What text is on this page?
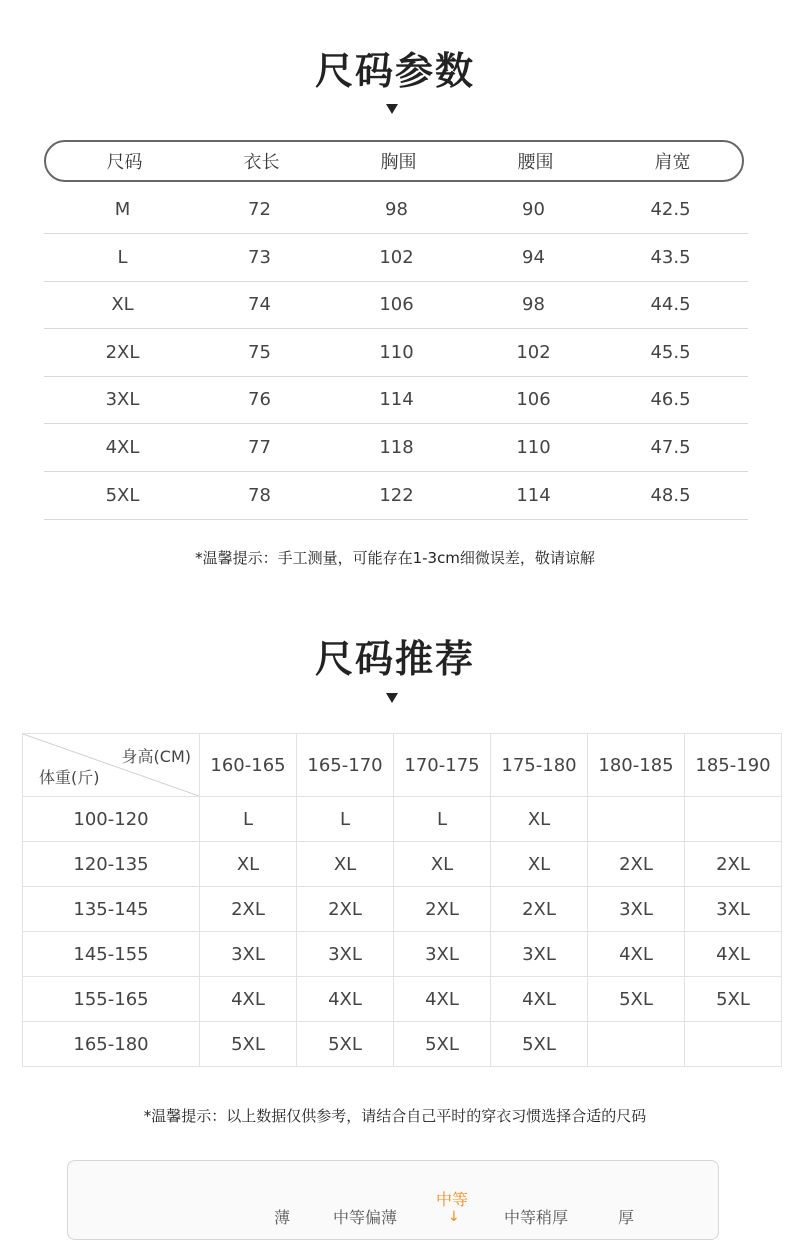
尺码参数
尺码	衣长	胸围	腰围	肩宽
M	72	98	90	42.5
L	73	102	94	43.5
XL	74	106	98	44.5
2XL	75	110	102	45.5
3XL	76	114	106	46.5
4XL	77	118	110	47.5
5XL	78	122	114	48.5
*温馨提示：手工测量，可能存在1-3cm细微误差，敬请谅解
尺码推荐
身高(CM)
体重(斤)	160-165	165-170	170-175	175-180	180-185	185-190
100-120	L	L	L	XL		
120-135	XL	XL	XL	XL	2XL	2XL
135-145	2XL	2XL	2XL	2XL	3XL	3XL
145-155	3XL	3XL	3XL	3XL	4XL	4XL
155-165	4XL	4XL	4XL	4XL	5XL	5XL
165-180	5XL	5XL	5XL	5XL		
*温馨提示：以上数据仅供参考，请结合自己平时的穿衣习惯选择合适的尺码
薄	中等偏薄
中等
↓	中等稍厚	厚
